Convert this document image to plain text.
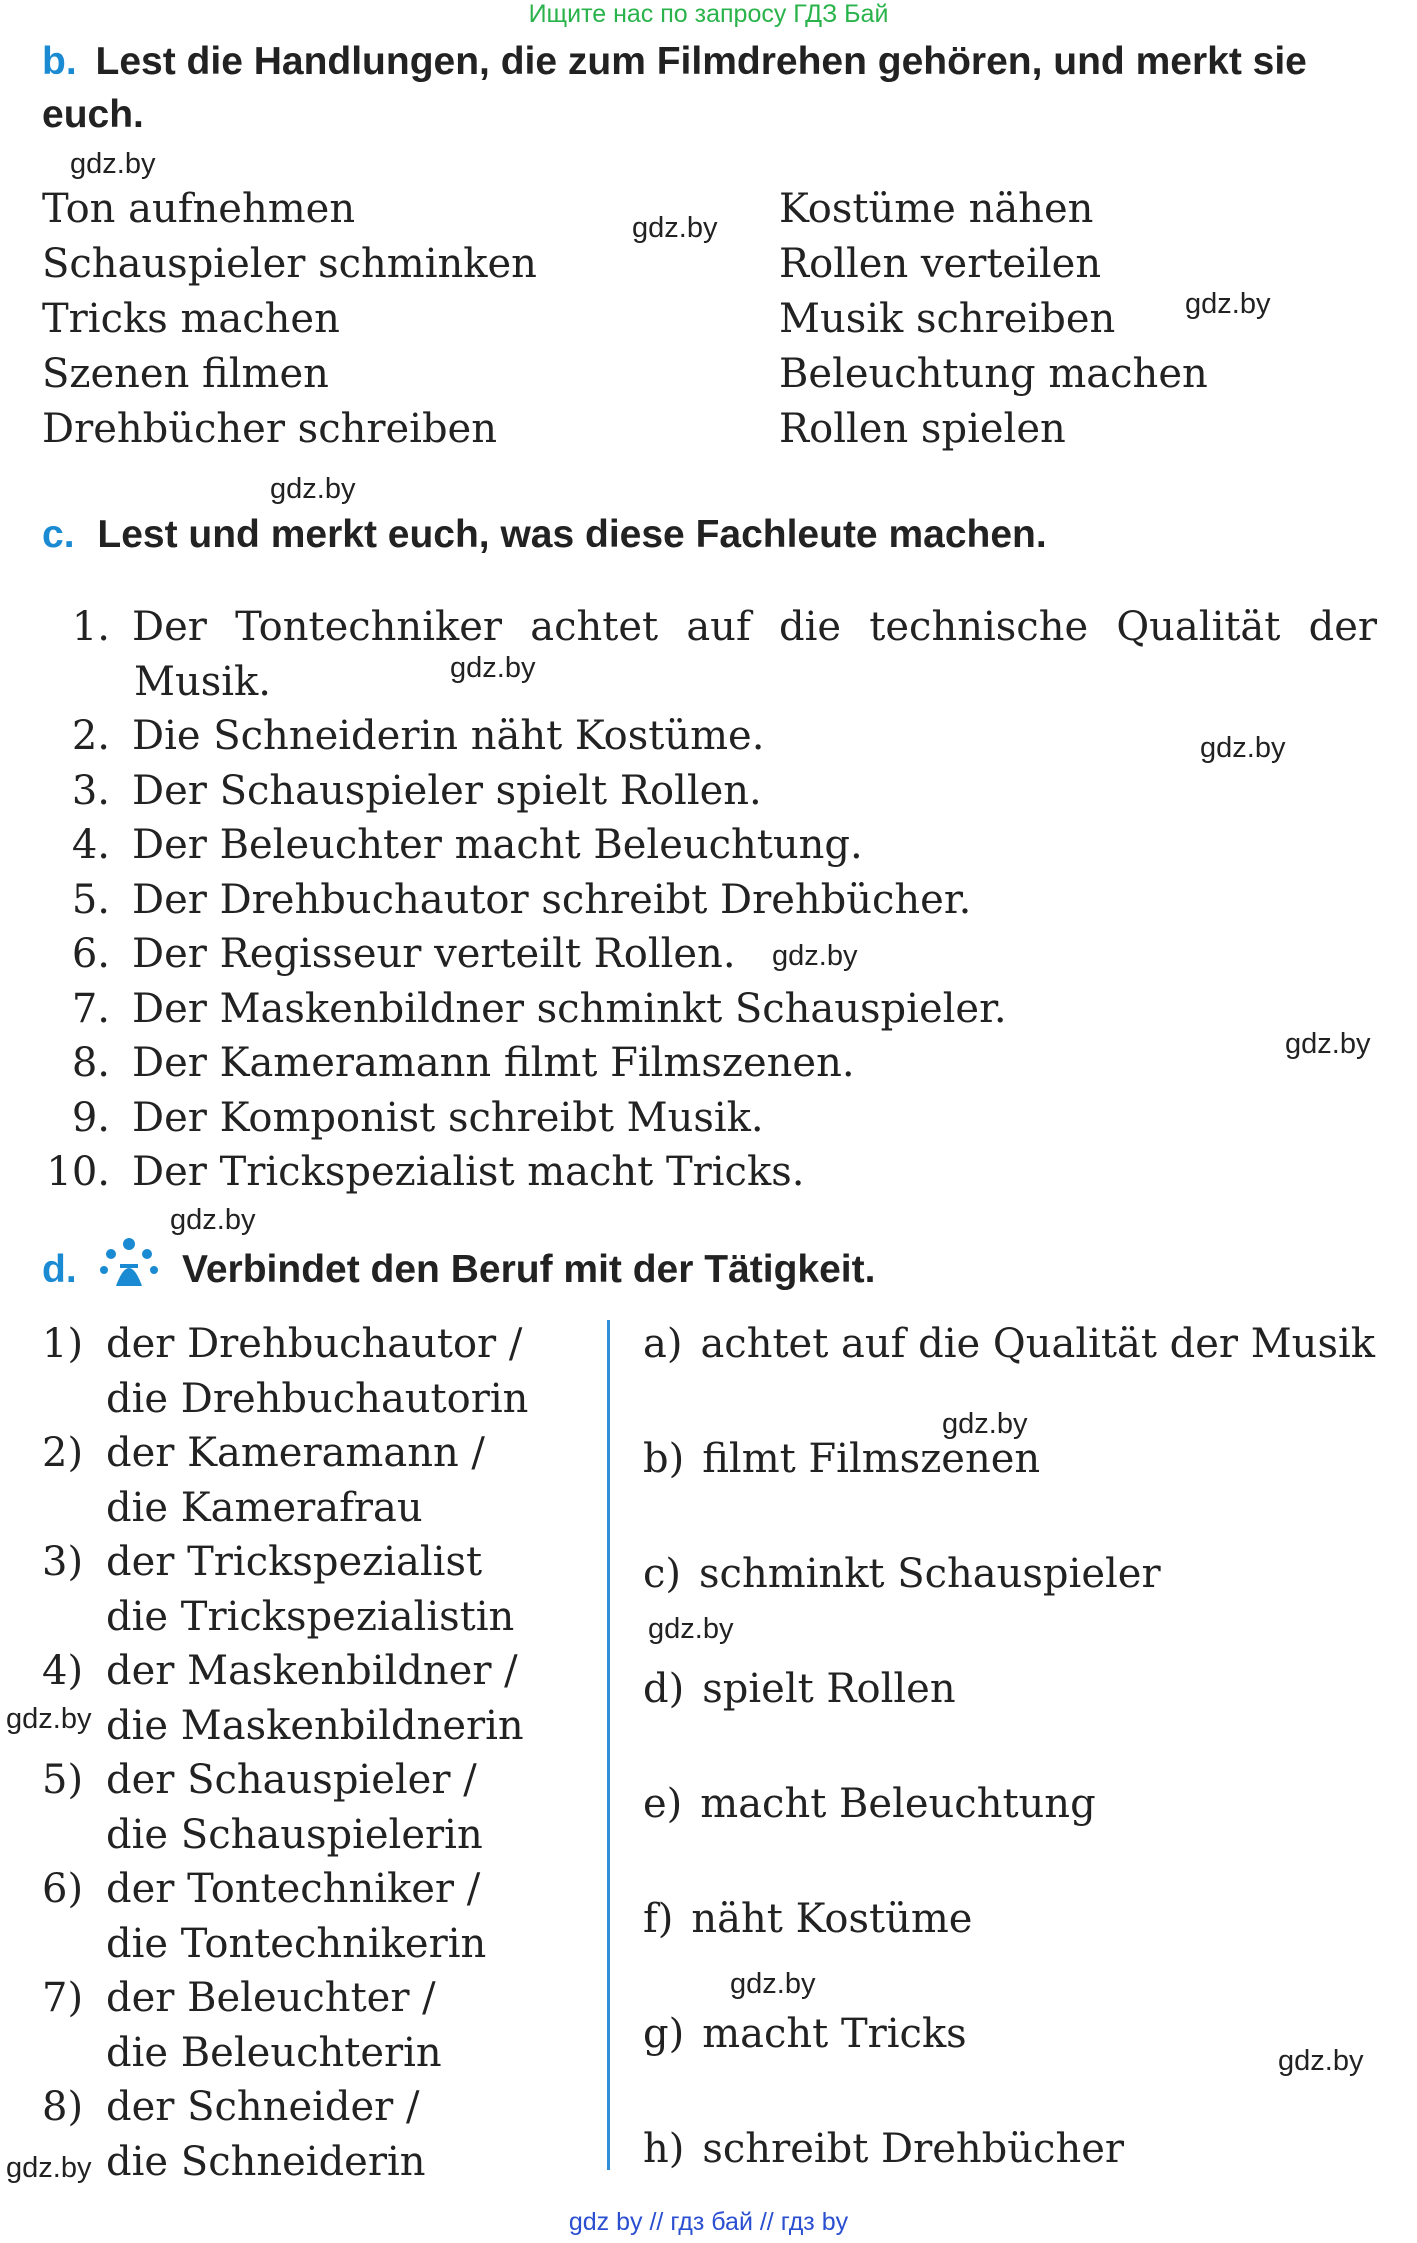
Ищите нас по запросу ГДЗ Бай
b. Lest die Handlungen, die zum Filmdrehen gehören, und merkt sie
euch.
Ton aufnehmen
Schauspieler schminken
Tricks machen
Szenen filmen
Drehbücher schreiben
Kostüme nähen
Rollen verteilen
Musik schreiben
Beleuchtung machen
Rollen spielen
c. Lest und merkt euch, was diese Fachleute machen.
1. Der Tontechniker achtet auf die technische Qualität der
Musik.
2. Die Schneiderin näht Kostüme.
3. Der Schauspieler spielt Rollen.
4. Der Beleuchter macht Beleuchtung.
5. Der Drehbuchautor schreibt Drehbücher.
6. Der Regisseur verteilt Rollen.
7. Der Maskenbildner schminkt Schauspieler.
8. Der Kameramann filmt Filmszenen.
9. Der Komponist schreibt Musik.
10. Der Trickspezialist macht Tricks.
d.	Verbindet den Beruf mit der Tätigkeit.
1) der Drehbuchautor /
die Drehbuchautorin
2) der Kameramann /
die Kamerafrau
3) der Trickspezialist
die Trickspezialistin
4) der Maskenbildner /
die Maskenbildnerin
5) der Schauspieler /
die Schauspielerin
6) der Tontechniker /
die Tontechnikerin
7) der Beleuchter /
die Beleuchterin
8) der Schneider /
die Schneiderin
a) achtet auf die Qualität der Musik
b) filmt Filmszenen
c) schminkt Schauspieler
d) spielt Rollen
e) macht Beleuchtung
f) näht Kostüme
g) macht Tricks
h) schreibt Drehbücher
gdz.by
gdz.by
gdz.by
gdz.by
gdz.by
gdz.by
gdz.by
gdz.by
gdz.by
gdz.by
gdz.by
gdz.by
gdz.by
gdz.by
gdz.by
gdz by // гдз бай // гдз by
